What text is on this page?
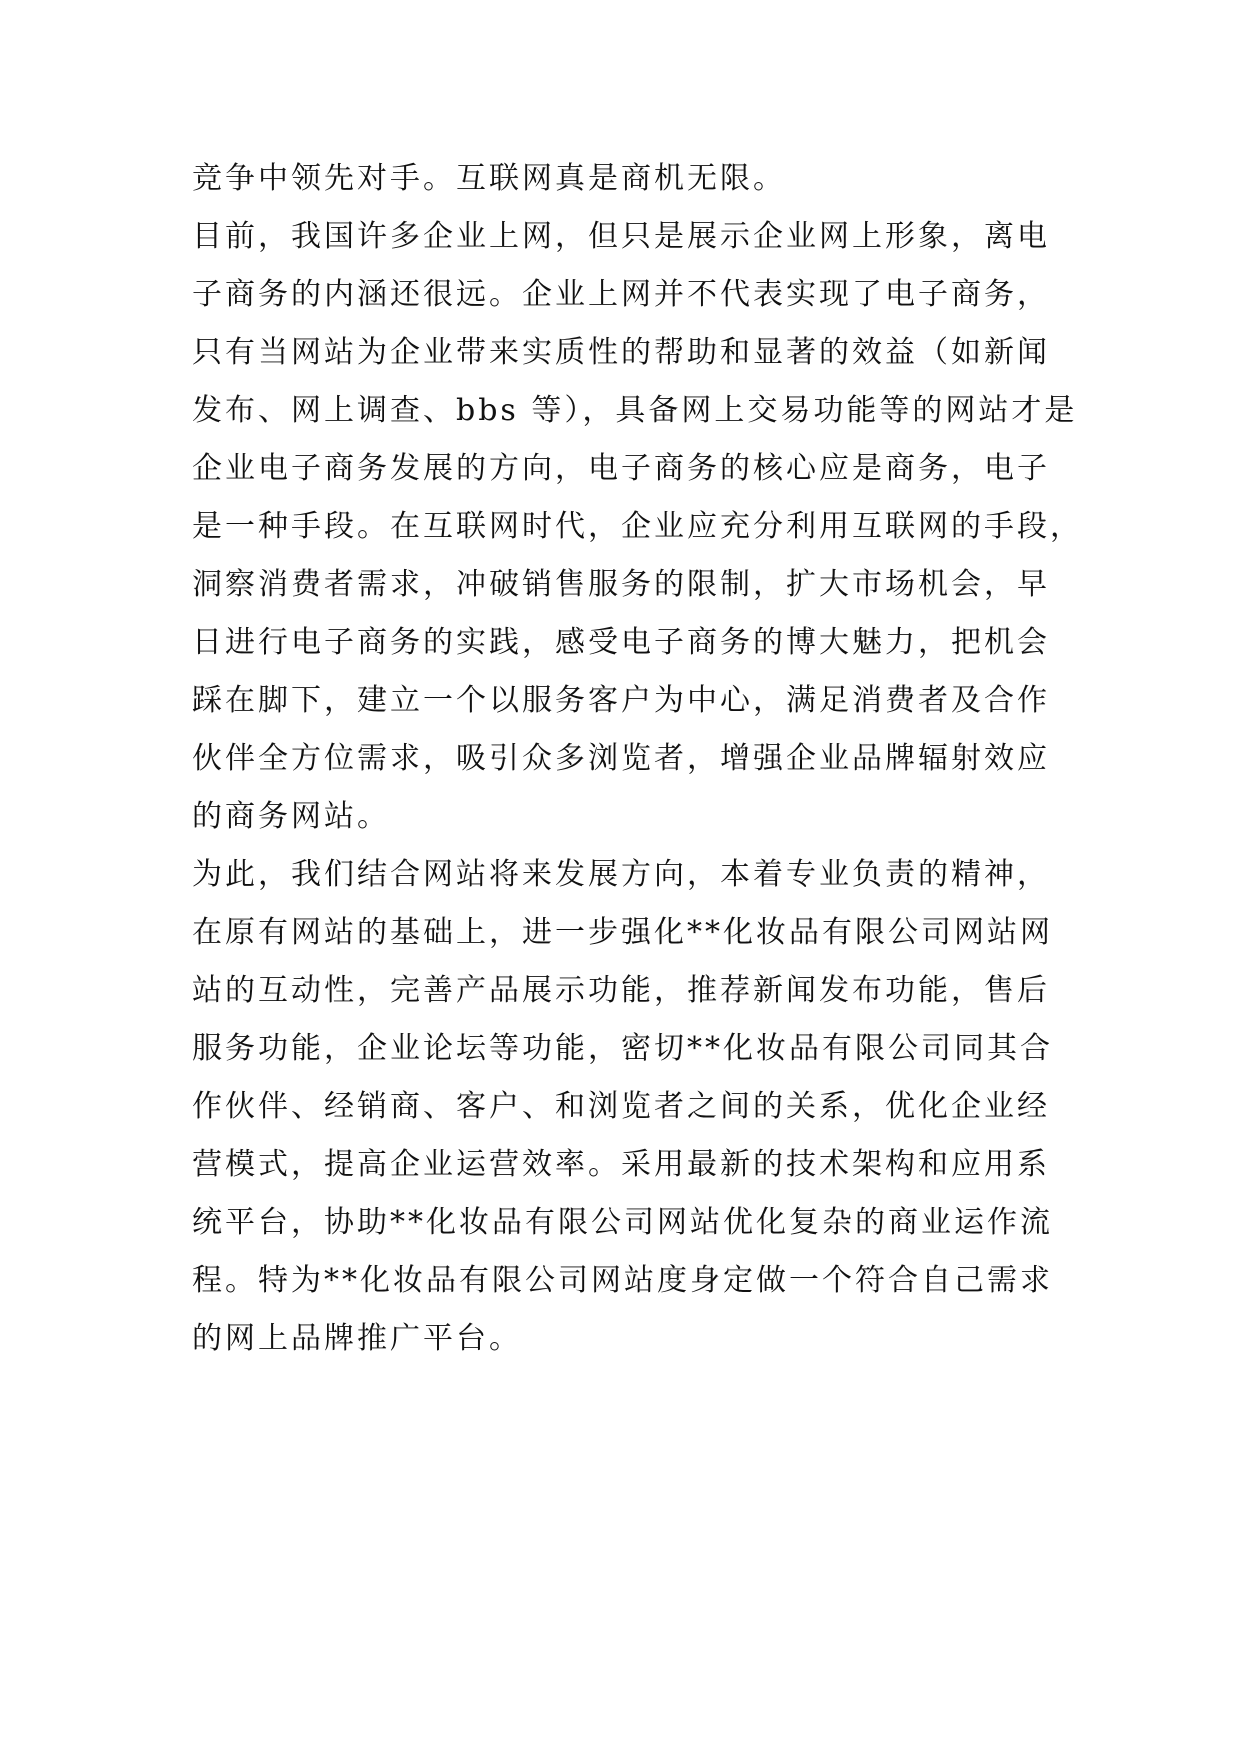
竞争中领先对手。互联网真是商机无限。

目前，我国许多企业上网，但只是展示企业网上形象，离电
子商务的内涵还很远。企业上网并不代表实现了电子商务，
只有当网站为企业带来实质性的帮助和显著的效益（如新闻
发布、网上调查、bbs 等），具备网上交易功能等的网站才是
企业电子商务发展的方向，电子商务的核心应是商务，电子
是一种手段。在互联网时代，企业应充分利用互联网的手段，
洞察消费者需求，冲破销售服务的限制，扩大市场机会，早
日进行电子商务的实践，感受电子商务的博大魅力，把机会
踩在脚下，建立一个以服务客户为中心，满足消费者及合作
伙伴全方位需求，吸引众多浏览者，增强企业品牌辐射效应
的商务网站。

为此，我们结合网站将来发展方向，本着专业负责的精神，
在原有网站的基础上，进一步强化**化妆品有限公司网站网
站的互动性，完善产品展示功能，推荐新闻发布功能，售后
服务功能，企业论坛等功能，密切**化妆品有限公司同其合
作伙伴、经销商、客户、和浏览者之间的关系，优化企业经
营模式，提高企业运营效率。采用最新的技术架构和应用系
统平台，协助**化妆品有限公司网站优化复杂的商业运作流
程。特为**化妆品有限公司网站度身定做一个符合自己需求
的网上品牌推广平台。
